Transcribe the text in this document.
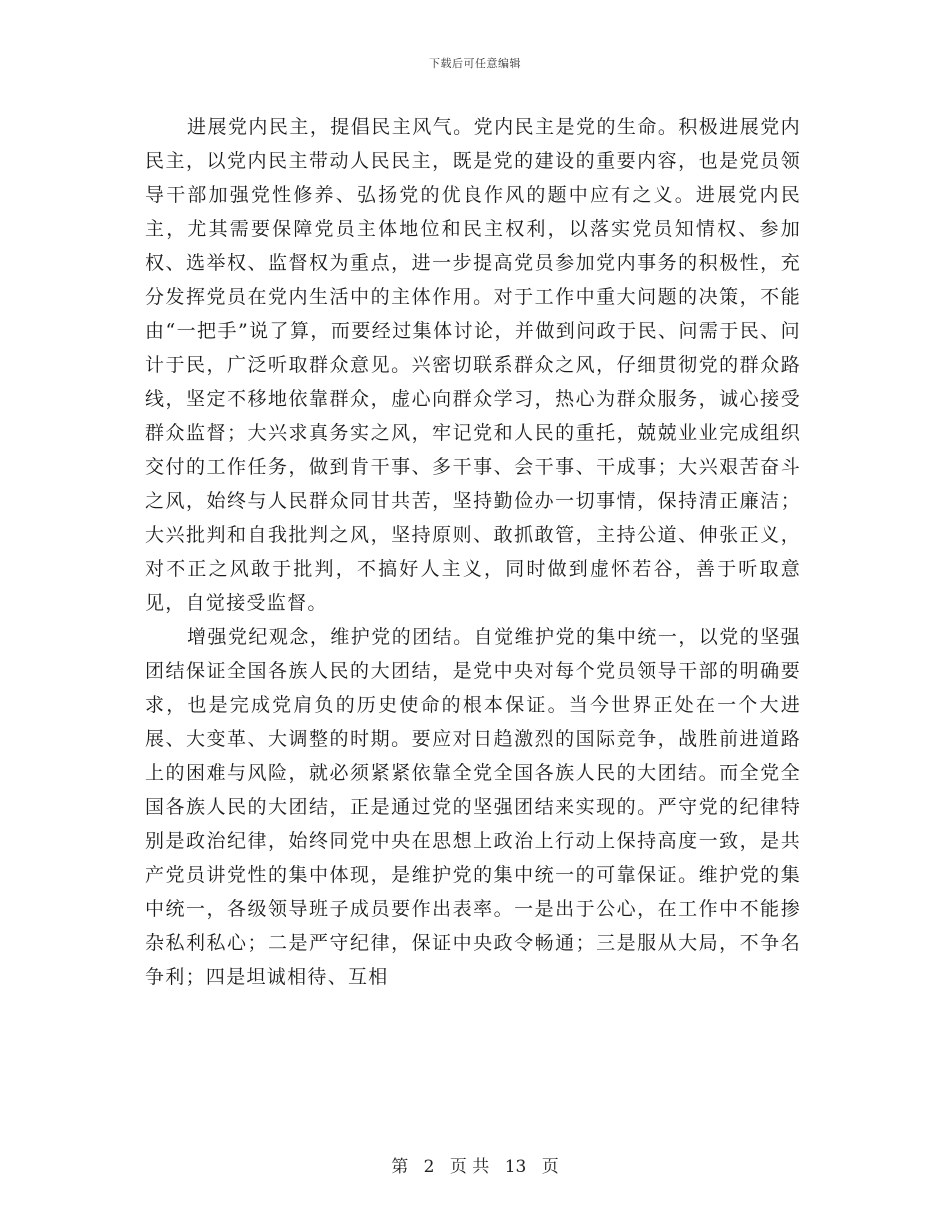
下载后可任意编辑

进展党内民主，提倡民主风气。党内民主是党的生命。积极进展党内民主，以党内民主带动人民民主，既是党的建设的重要内容，也是党员领导干部加强党性修养、弘扬党的优良作风的题中应有之义。进展党内民主，尤其需要保障党员主体地位和民主权利，以落实党员知情权、参加权、选举权、监督权为重点，进一步提高党员参加党内事务的积极性，充分发挥党员在党内生活中的主体作用。对于工作中重大问题的决策，不能由“一把手”说了算，而要经过集体讨论，并做到问政于民、问需于民、问计于民，广泛听取群众意见。兴密切联系群众之风，仔细贯彻党的群众路线，坚定不移地依靠群众，虚心向群众学习，热心为群众服务，诚心接受群众监督；大兴求真务实之风，牢记党和人民的重托，兢兢业业完成组织交付的工作任务，做到肯干事、多干事、会干事、干成事；大兴艰苦奋斗之风，始终与人民群众同甘共苦，坚持勤俭办一切事情，保持清正廉洁；大兴批判和自我批判之风，坚持原则、敢抓敢管，主持公道、伸张正义，对不正之风敢于批判，不搞好人主义，同时做到虚怀若谷，善于听取意见，自觉接受监督。

增强党纪观念，维护党的团结。自觉维护党的集中统一，以党的坚强团结保证全国各族人民的大团结，是党中央对每个党员领导干部的明确要求，也是完成党肩负的历史使命的根本保证。当今世界正处在一个大进展、大变革、大调整的时期。要应对日趋激烈的国际竞争，战胜前进道路上的困难与风险，就必须紧紧依靠全党全国各族人民的大团结。而全党全国各族人民的大团结，正是通过党的坚强团结来实现的。严守党的纪律特别是政治纪律，始终同党中央在思想上政治上行动上保持高度一致，是共产党员讲党性的集中体现，是维护党的集中统一的可靠保证。维护党的集中统一，各级领导班子成员要作出表率。一是出于公心，在工作中不能掺杂私利私心；二是严守纪律，保证中央政令畅通；三是服从大局，不争名争利；四是坦诚相待、互相

第 2 页 共 13 页
